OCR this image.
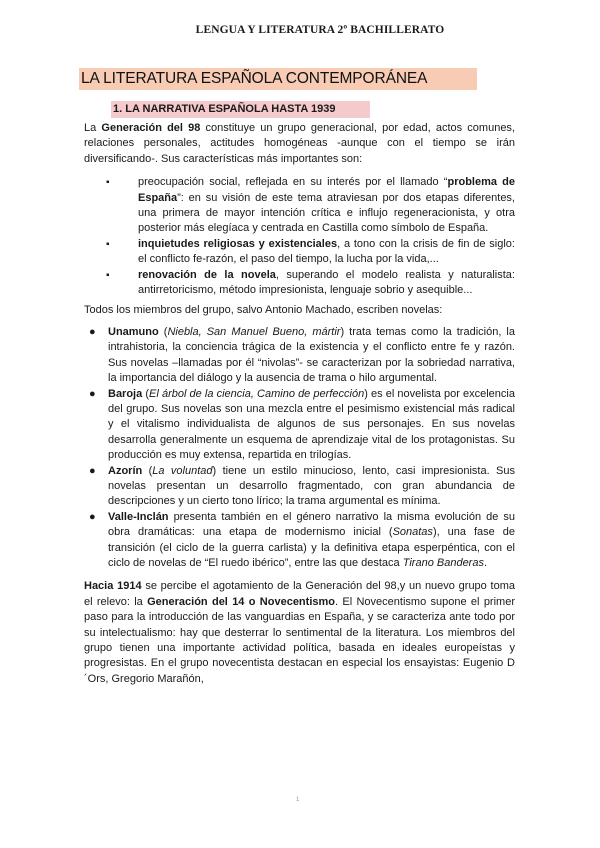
LENGUA Y LITERATURA 2º BACHILLERATO
LA LITERATURA ESPAÑOLA CONTEMPORÁNEA
1. LA NARRATIVA ESPAÑOLA HASTA 1939

La Generación del 98 constituye un grupo generacional, por edad, actos comunes, relaciones personales, actitudes homogéneas -aunque con el tiempo se irán diversificando-. Sus características más importantes son:

▪	preocupación social, reflejada en su interés por el llamado “problema de España”: en su visión de este tema atraviesan por dos etapas diferentes, una primera de mayor intención crítica e influjo regeneracionista, y otra posterior más elegíaca y centrada en Castilla como símbolo de España.
▪	inquietudes religiosas y existenciales, a tono con la crisis de fin de siglo: el conflicto fe-razón, el paso del tiempo, la lucha por la vida,...
▪	renovación de la novela, superando el modelo realista y naturalista: antirretoricismo, método impresionista, lenguaje sobrio y asequible...

Todos los miembros del grupo, salvo Antonio Machado, escriben novelas:

● Unamuno (Niebla, San Manuel Bueno, mártir) trata temas como la tradición, la intrahistoria, la conciencia trágica de la existencia y el conflicto entre fe y razón. Sus novelas –llamadas por él “nivolas”- se caracterizan por la sobriedad narrativa, la importancia del diálogo y la ausencia de trama o hilo argumental.
● Baroja (El árbol de la ciencia, Camino de perfección) es el novelista por excelencia del grupo. Sus novelas son una mezcla entre el pesimismo existencial más radical y el vitalismo individualista de algunos de sus personajes. En sus novelas desarrolla generalmente un esquema de aprendizaje vital de los protagonistas. Su producción es muy extensa, repartida en trilogías.
● Azorín (La voluntad) tiene un estilo minucioso, lento, casi impresionista. Sus novelas presentan un desarrollo fragmentado, con gran abundancia de descripciones y un cierto tono lírico; la trama argumental es mínima.
● Valle-Inclán presenta también en el género narrativo la misma evolución de su obra dramáticas: una etapa de modernismo inicial (Sonatas), una fase de transición (el ciclo de la guerra carlista) y la definitiva etapa esperpéntica, con el ciclo de novelas de “El ruedo ibérico”, entre las que destaca Tirano Banderas.

Hacia 1914 se percibe el agotamiento de la Generación del 98,y un nuevo grupo toma el relevo: la Generación del 14 o Novecentismo. El Novecentismo supone el primer paso para la introducción de las vanguardias en España, y se caracteriza ante todo por su intelectualismo: hay que desterrar lo sentimental de la literatura. Los miembros del grupo tienen una importante actividad política, basada en ideales europeístas y progresistas. En el grupo novecentista destacan en especial los ensayistas: Eugenio D´Ors, Gregorio Marañón,

1
